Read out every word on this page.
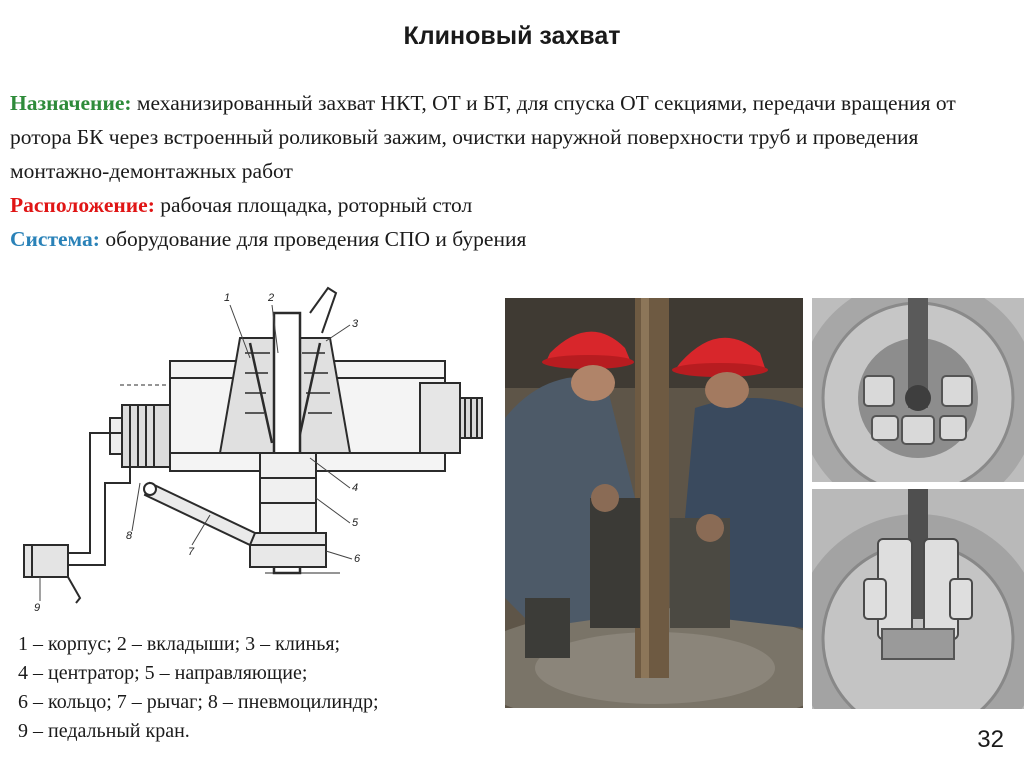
Клиновый захват

Назначение: механизированный захват НКТ, ОТ и БТ, для спуска ОТ секциями, передачи вращения от ротора БК через встроенный роликовый зажим, очистки наружной поверхности труб и проведения монтажно-демонтажных работ

Расположение: рабочая площадка, роторный стол

Система: оборудование для проведения СПО и бурения

1	2
3
4
5
6
7
8
9
1 – корпус; 2 – вкладыши; 3 – клинья;
4 – центратор; 5 – направляющие;
6 – кольцо; 7 – рычаг; 8 – пневмоцилиндр;
9 – педальный кран.	32
